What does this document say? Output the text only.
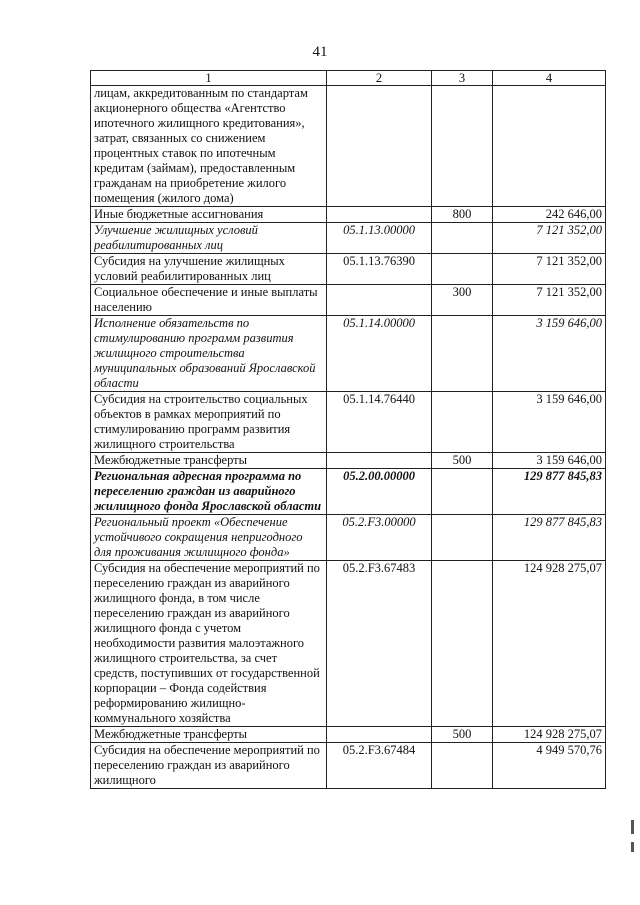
41
1	2	3	4
лицам, аккредитованным по стандартам акционерного общества «Агентство ипотечного жилищного кредитования», затрат, связанных со снижением процентных ставок по ипотечным кредитам (займам), предоставленным гражданам на приобретение жилого помещения (жилого дома)			
Иные бюджетные ассигнования		800	242 646,00
Улучшение жилищных условий реабилитированных лиц	05.1.13.00000		7 121 352,00
Субсидия на улучшение жилищных условий реабилитированных лиц	05.1.13.76390		7 121 352,00
Социальное обеспечение и иные выплаты населению		300	7 121 352,00
Исполнение обязательств по стимулированию программ развития жилищного строительства муниципальных образований Ярославской области	05.1.14.00000		3 159 646,00
Субсидия на строительство социальных объектов в рамках мероприятий по стимулированию программ развития жилищного строительства	05.1.14.76440		3 159 646,00
Межбюджетные трансферты		500	3 159 646,00
Региональная адресная программа по переселению граждан из аварийного жилищного фонда Ярославской области	05.2.00.00000		129 877 845,83
Региональный проект «Обеспечение устойчивого сокращения непригодного для проживания жилищного фонда»	05.2.F3.00000		129 877 845,83
Субсидия на обеспечение мероприятий по переселению граждан из аварийного жилищного фонда, в том числе переселению граждан из аварийного жилищного фонда с учетом необходимости развития малоэтажного жилищного строительства, за счет средств, поступивших от государственной корпорации – Фонда содействия реформированию жилищно-коммунального хозяйства	05.2.F3.67483		124 928 275,07
Межбюджетные трансферты		500	124 928 275,07
Субсидия на обеспечение мероприятий по переселению граждан из аварийного жилищного	05.2.F3.67484		4 949 570,76
